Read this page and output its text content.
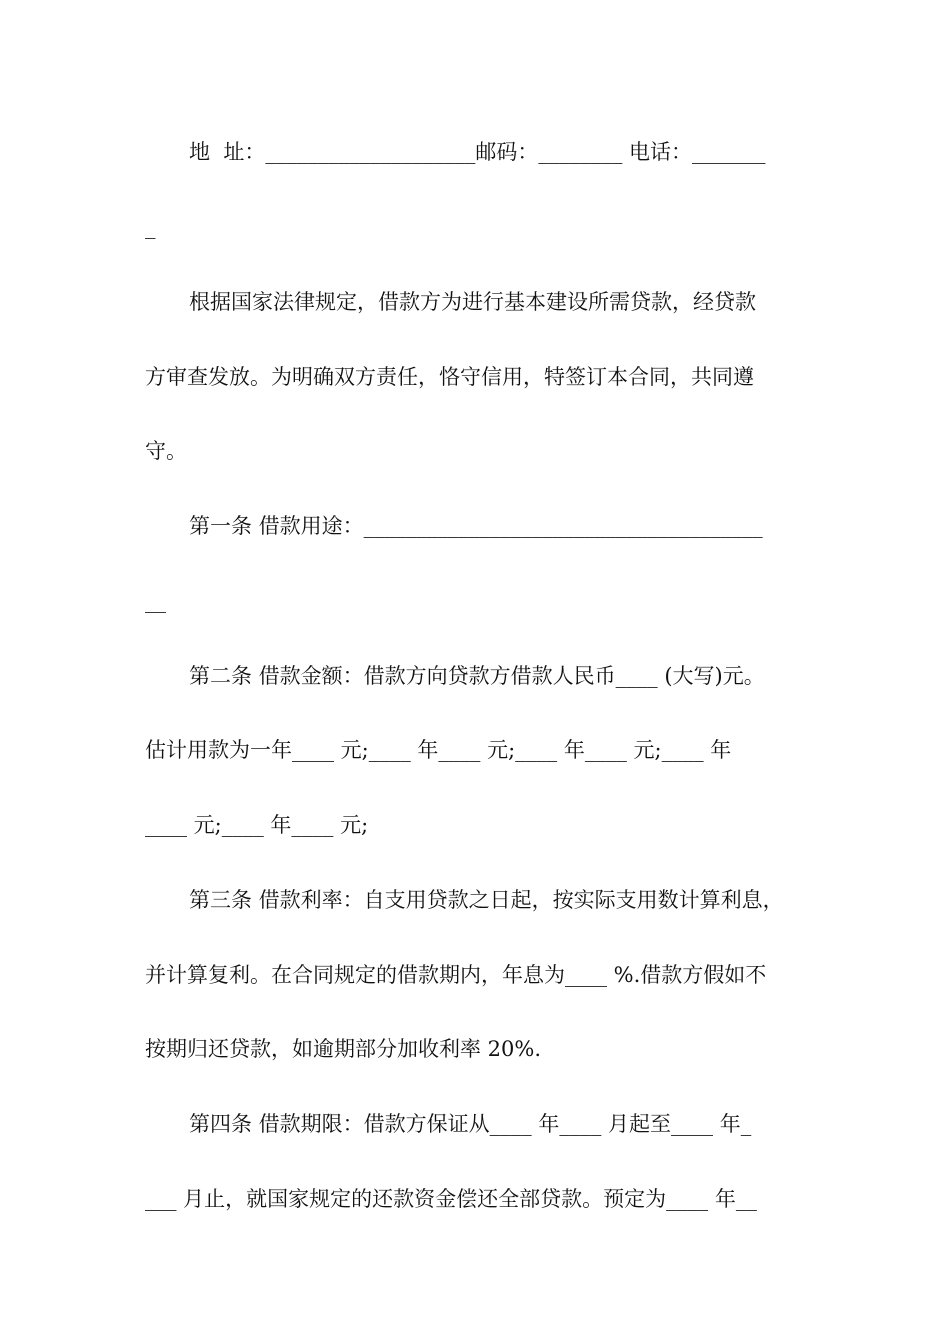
地  址：____________________邮码：________ 电话：_______
_
根据国家法律规定，借款方为进行基本建设所需贷款，经贷款
方审查发放。为明确双方责任，恪守信用，特签订本合同，共同遵
守。
第一条 借款用途：______________________________________
__
第二条 借款金额：借款方向贷款方借款人民币____ (大写)元。
估计用款为一年____ 元;____ 年____ 元;____ 年____ 元;____ 年
____ 元;____ 年____ 元;
第三条 借款利率：自支用贷款之日起，按实际支用数计算利息，
并计算复利。在合同规定的借款期内，年息为____ %.借款方假如不
按期归还贷款，如逾期部分加收利率 20%.
第四条 借款期限：借款方保证从____ 年____ 月起至____ 年_
___ 月止，就国家规定的还款资金偿还全部贷款。预定为____ 年__
